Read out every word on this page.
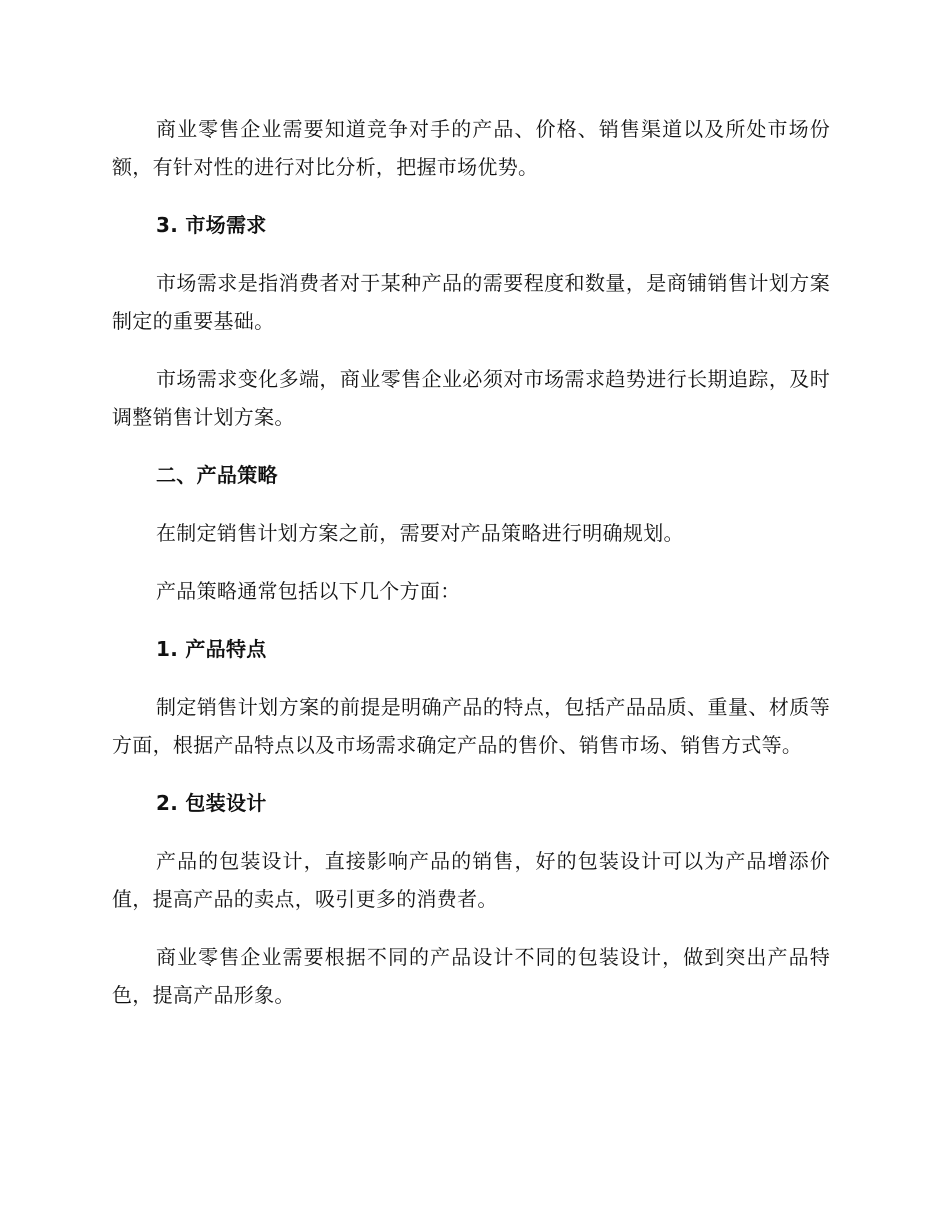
商业零售企业需要知道竞争对手的产品、价格、销售渠道以及所处市场份额，有针对性的进行对比分析，把握市场优势。

3. 市场需求

市场需求是指消费者对于某种产品的需要程度和数量，是商铺销售计划方案制定的重要基础。

市场需求变化多端，商业零售企业必须对市场需求趋势进行长期追踪，及时调整销售计划方案。

二、产品策略

在制定销售计划方案之前，需要对产品策略进行明确规划。

产品策略通常包括以下几个方面：

1. 产品特点

制定销售计划方案的前提是明确产品的特点，包括产品品质、重量、材质等方面，根据产品特点以及市场需求确定产品的售价、销售市场、销售方式等。

2. 包装设计

产品的包装设计，直接影响产品的销售，好的包装设计可以为产品增添价值，提高产品的卖点，吸引更多的消费者。

商业零售企业需要根据不同的产品设计不同的包装设计，做到突出产品特色，提高产品形象。
